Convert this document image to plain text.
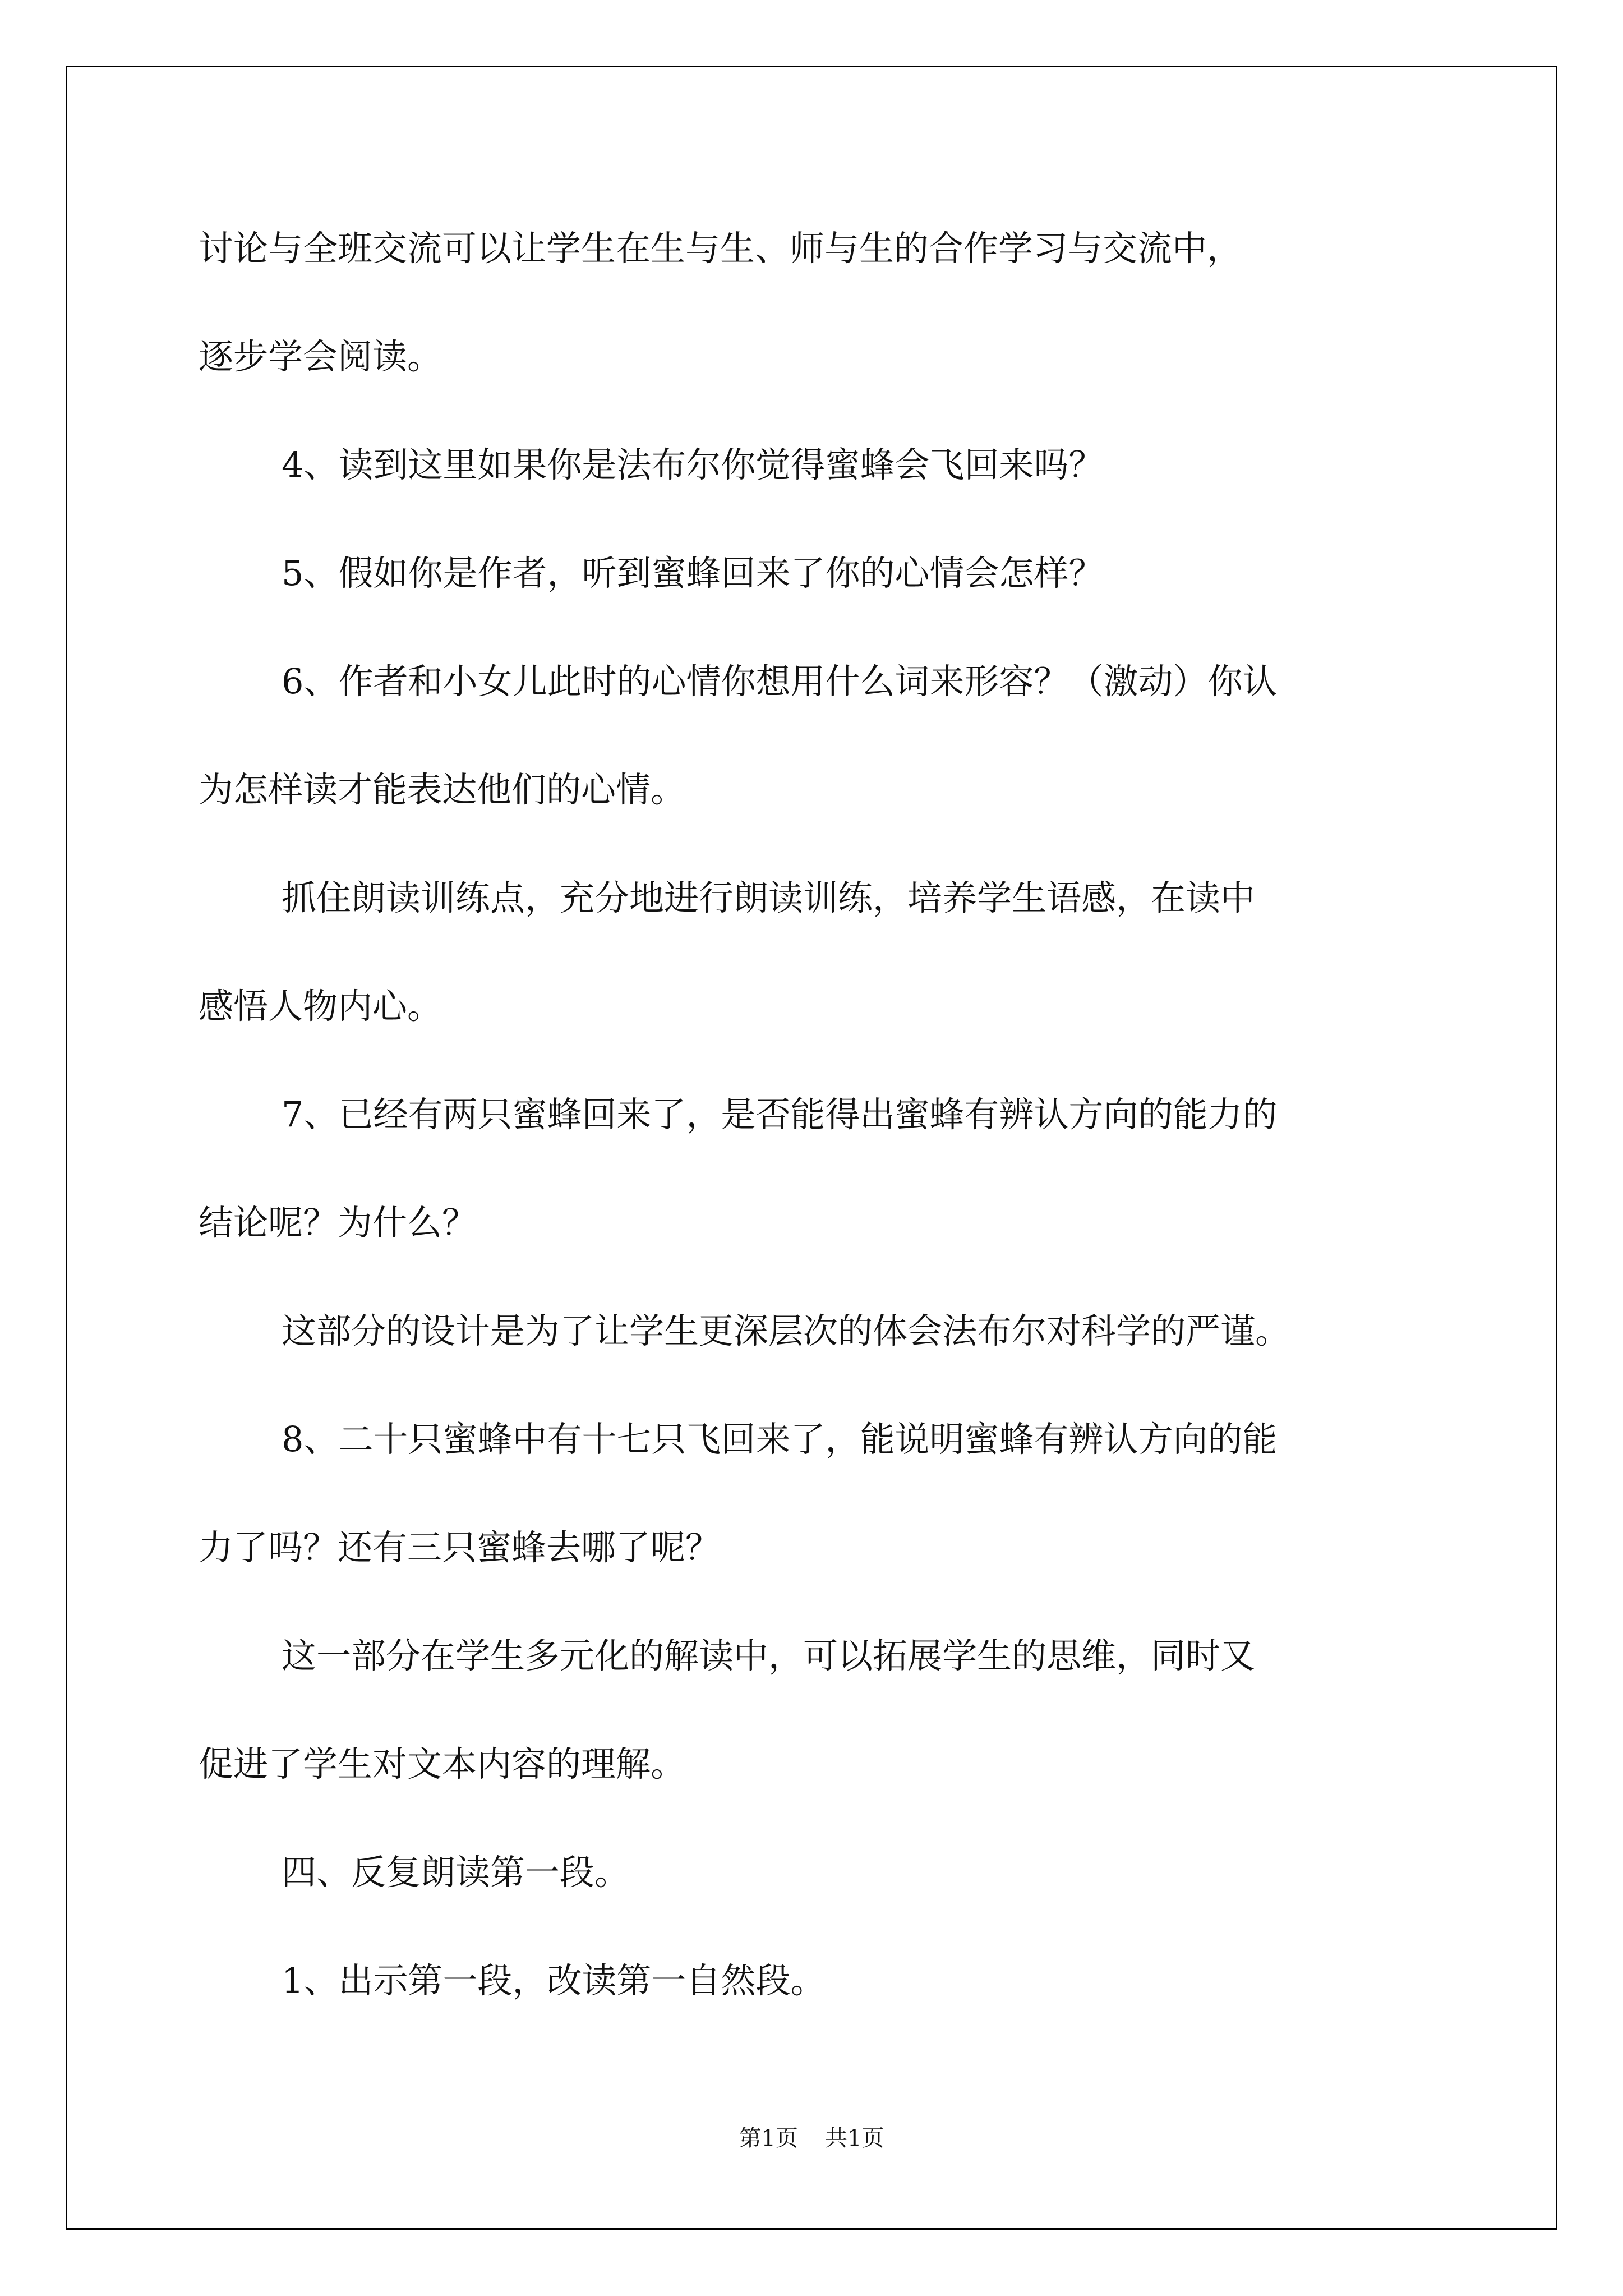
讨论与全班交流可以让学生在生与生、师与生的合作学习与交流中，

逐步学会阅读。

4、读到这里如果你是法布尔你觉得蜜蜂会飞回来吗？

5、假如你是作者，听到蜜蜂回来了你的心情会怎样？

6、作者和小女儿此时的心情你想用什么词来形容？（激动）你认

为怎样读才能表达他们的心情。

抓住朗读训练点，充分地进行朗读训练，培养学生语感，在读中

感悟人物内心。

7、已经有两只蜜蜂回来了，是否能得出蜜蜂有辨认方向的能力的

结论呢？为什么？

这部分的设计是为了让学生更深层次的体会法布尔对科学的严谨。

8、二十只蜜蜂中有十七只飞回来了，能说明蜜蜂有辨认方向的能

力了吗？还有三只蜜蜂去哪了呢？

这一部分在学生多元化的解读中，可以拓展学生的思维，同时又

促进了学生对文本内容的理解。

四、反复朗读第一段。

1、出示第一段，改读第一自然段。

第1页 共1页
